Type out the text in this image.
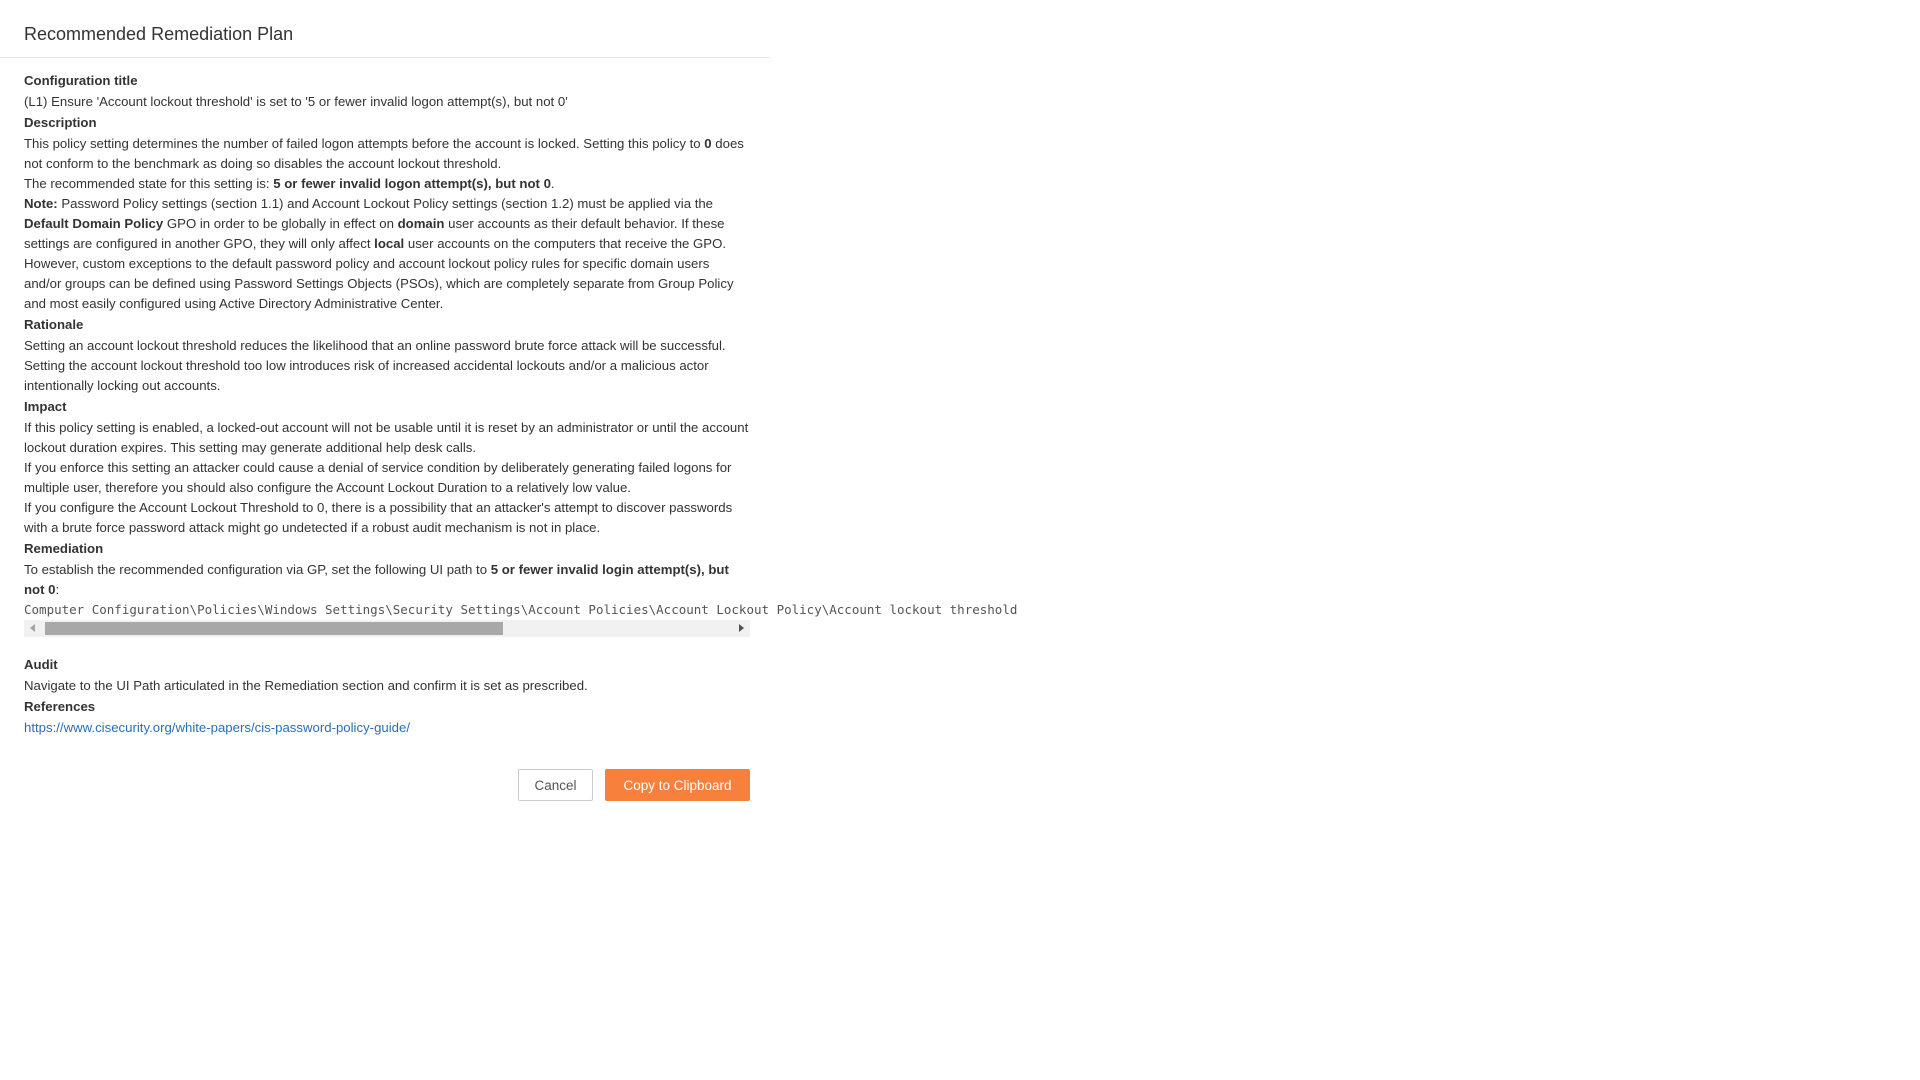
Recommended Remediation Plan
Configuration title
(L1) Ensure 'Account lockout threshold' is set to '5 or fewer invalid logon attempt(s), but not 0'
Description

This policy setting determines the number of failed logon attempts before the account is locked. Setting this policy to 0 does not conform to the benchmark as doing so disables the account lockout threshold.

The recommended state for this setting is: 5 or fewer invalid logon attempt(s), but not 0.

Note: Password Policy settings (section 1.1) and Account Lockout Policy settings (section 1.2) must be applied via the Default Domain Policy GPO in order to be globally in effect on domain user accounts as their default behavior. If these settings are configured in another GPO, they will only affect local user accounts on the computers that receive the GPO. However, custom exceptions to the default password policy and account lockout policy rules for specific domain users and/or groups can be defined using Password Settings Objects (PSOs), which are completely separate from Group Policy and most easily configured using Active Directory Administrative Center.

Rationale
Setting an account lockout threshold reduces the likelihood that an online password brute force attack will be successful. Setting the account lockout threshold too low introduces risk of increased accidental lockouts and/or a malicious actor intentionally locking out accounts.
Impact

If this policy setting is enabled, a locked-out account will not be usable until it is reset by an administrator or until the account lockout duration expires. This setting may generate additional help desk calls.

If you enforce this setting an attacker could cause a denial of service condition by deliberately generating failed logons for multiple user, therefore you should also configure the Account Lockout Duration to a relatively low value.

If you configure the Account Lockout Threshold to 0, there is a possibility that an attacker's attempt to discover passwords with a brute force password attack might go undetected if a robust audit mechanism is not in place.

Remediation
To establish the recommended configuration via GP, set the following UI path to 5 or fewer invalid login attempt(s), but not 0:
Computer Configuration\Policies\Windows Settings\Security Settings\Account Policies\Account Lockout Policy\Account lockout threshold
Audit
Navigate to the UI Path articulated in the Remediation section and confirm it is set as prescribed.
References
https://www.cisecurity.org/white-papers/cis-password-policy-guide/
Cancel	Copy to Clipboard
